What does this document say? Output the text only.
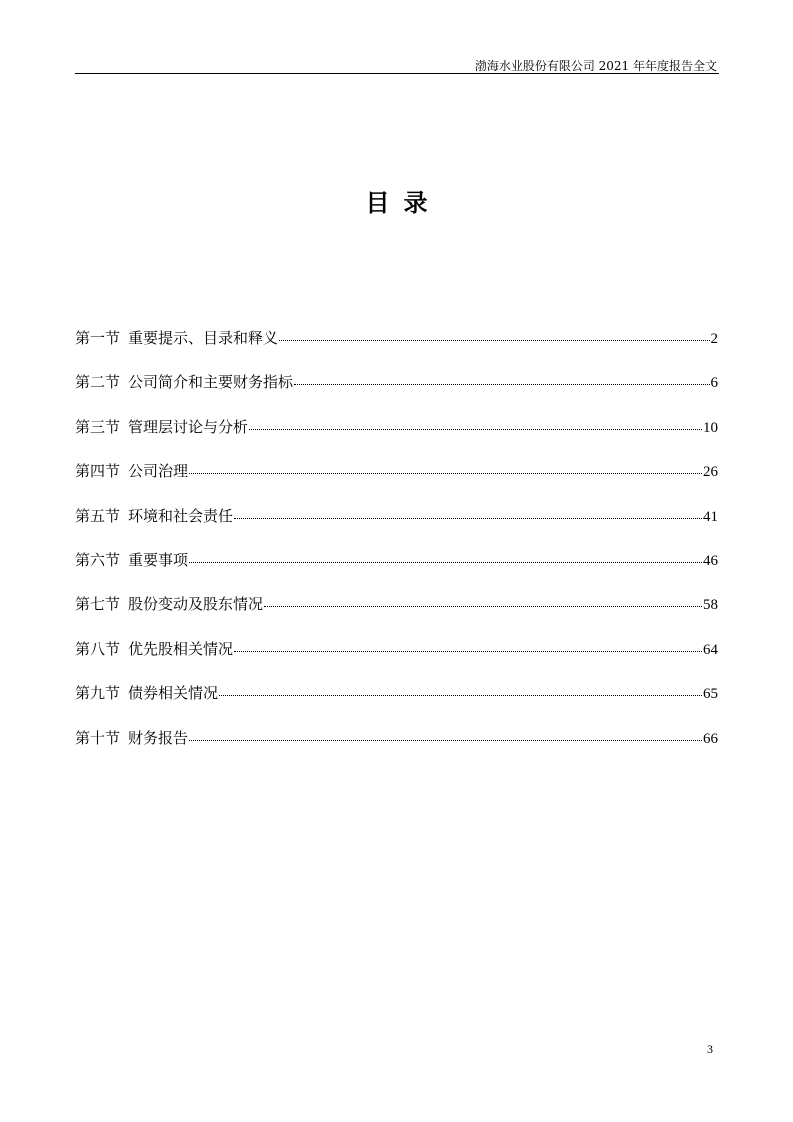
渤海水业股份有限公司 2021 年年度报告全文
目录
第一节 重要提示、目录和释义	2
第二节 公司简介和主要财务指标	6
第三节 管理层讨论与分析	10
第四节 公司治理	26
第五节 环境和社会责任	41
第六节 重要事项	46
第七节 股份变动及股东情况	58
第八节 优先股相关情况	64
第九节 债券相关情况	65
第十节 财务报告	66
3
